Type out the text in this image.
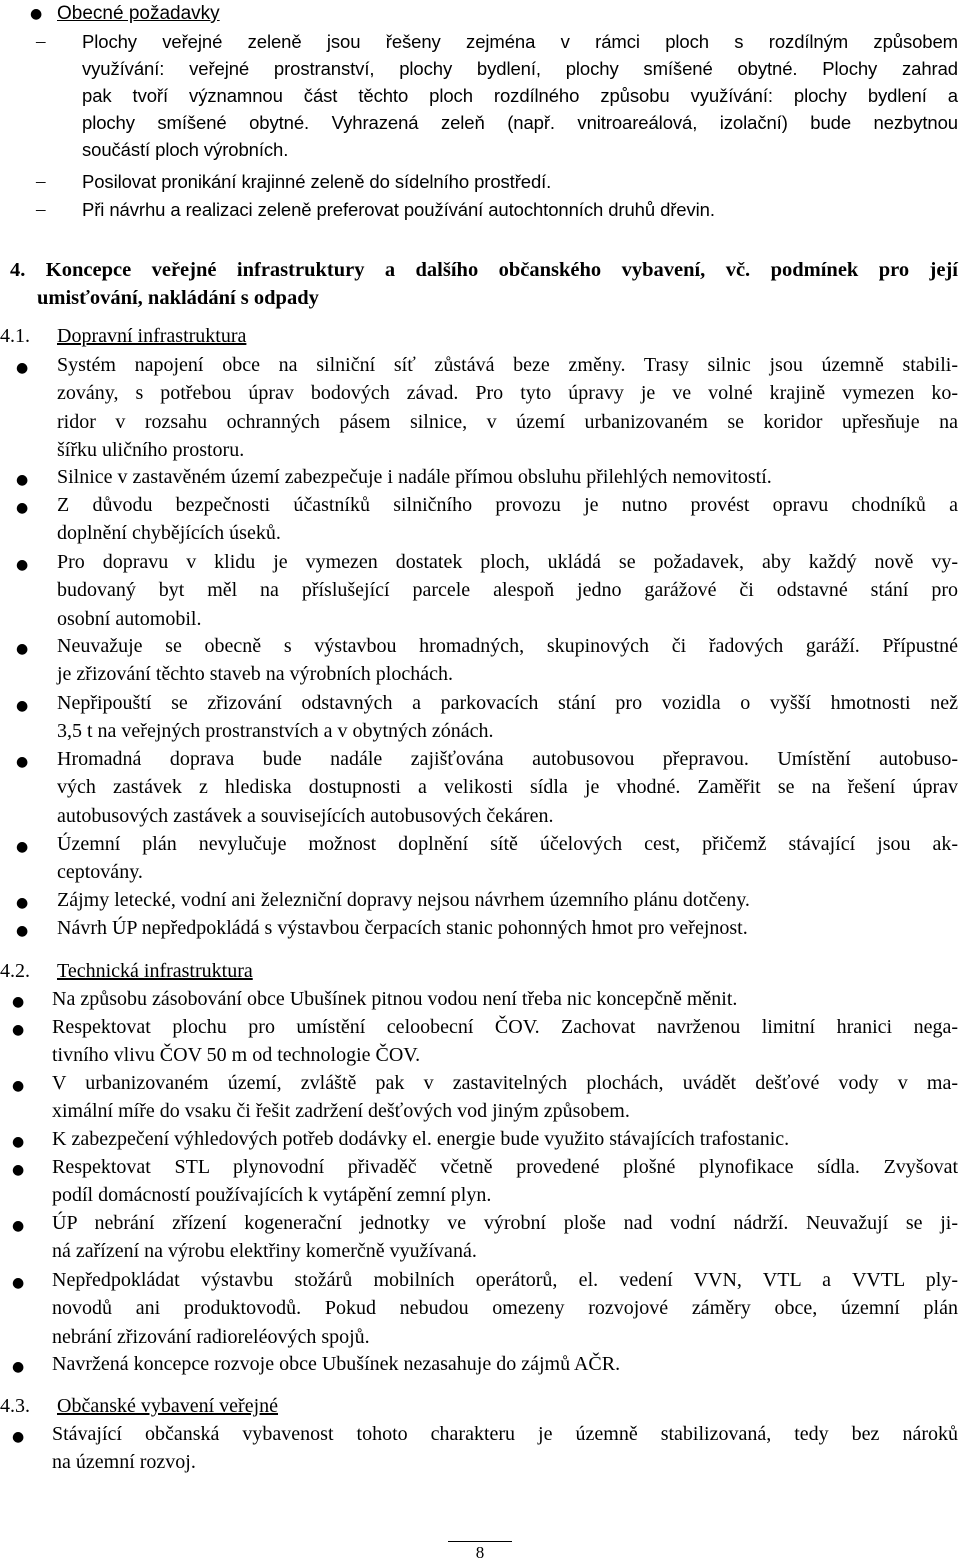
● Obecné požadavky
– Plochy veřejné zeleně jsou řešeny zejména v rámci ploch s rozdílným způsobem
využívání: veřejné prostranství, plochy bydlení, plochy smíšené obytné. Plochy zahrad
pak tvoří významnou část těchto ploch rozdílného způsobu využívání: plochy bydlení a
plochy smíšené obytné. Vyhrazená zeleň (např. vnitroareálová, izolační) bude nezbytnou
součástí ploch výrobních.
– Posilovat pronikání krajinné zeleně do sídelního prostředí.
– Při návrhu a realizaci zeleně preferovat používání autochtonních druhů dřevin.
4. Koncepce veřejné infrastruktury a dalšího občanského vybavení, vč. podmínek pro její
umisťování, nakládání s odpady
4.1. Dopravní infrastruktura
● Systém napojení obce na silniční síť zůstává beze změny. Trasy silnic jsou územně stabili-
zovány, s potřebou úprav bodových závad. Pro tyto úpravy je ve volné krajině vymezen ko-
ridor v rozsahu ochranných pásem silnice, v území urbanizovaném se koridor upřesňuje na
šířku uličního prostoru.
● Silnice v zastavěném území zabezpečuje i nadále přímou obsluhu přilehlých nemovitostí.
● Z důvodu bezpečnosti účastníků silničního provozu je nutno provést opravu chodníků a
doplnění chybějících úseků.
● Pro dopravu v klidu je vymezen dostatek ploch, ukládá se požadavek, aby každý nově vy-
budovaný byt měl na příslušející parcele alespoň jedno garážové či odstavné stání pro
osobní automobil.
● Neuvažuje se obecně s výstavbou hromadných, skupinových či řadových garáží. Přípustné
je zřizování těchto staveb na výrobních plochách.
● Nepřipouští se zřizování odstavných a parkovacích stání pro vozidla o vyšší hmotnosti než
3,5 t na veřejných prostranstvích a v obytných zónách.
● Hromadná doprava bude nadále zajišťována autobusovou přepravou. Umístění autobuso-
vých zastávek z hlediska dostupnosti a velikosti sídla je vhodné. Zaměřit se na řešení úprav
autobusových zastávek a souvisejících autobusových čekáren.
● Územní plán nevylučuje možnost doplnění sítě účelových cest, přičemž stávající jsou ak-
ceptovány.
● Zájmy letecké, vodní ani železniční dopravy nejsou návrhem územního plánu dotčeny.
● Návrh ÚP nepředpokládá s výstavbou čerpacích stanic pohonných hmot pro veřejnost.
4.2. Technická infrastruktura
● Na způsobu zásobování obce Ubušínek pitnou vodou není třeba nic koncepčně měnit.
● Respektovat plochu pro umístění celoobecní ČOV. Zachovat navrženou limitní hranici nega-
tivního vlivu ČOV 50 m od technologie ČOV.
● V urbanizovaném území, zvláště pak v zastavitelných plochách, uvádět dešťové vody v ma-
ximální míře do vsaku či řešit zadržení dešťových vod jiným způsobem.
● K zabezpečení výhledových potřeb dodávky el. energie bude využito stávajících trafostanic.
● Respektovat STL plynovodní přivaděč včetně provedené plošné plynofikace sídla. Zvyšovat
podíl domácností používajících k vytápění zemní plyn.
● ÚP nebrání zřízení kogenerační jednotky ve výrobní ploše nad vodní nádrží. Neuvažují se ji-
ná zařízení na výrobu elektřiny komerčně využívaná.
● Nepředpokládat výstavbu stožárů mobilních operátorů, el. vedení VVN, VTL a VVTL ply-
novodů ani produktovodů. Pokud nebudou omezeny rozvojové záměry obce, územní plán
nebrání zřizování radioreléových spojů.
● Navržená koncepce rozvoje obce Ubušínek nezasahuje do zájmů AČR.
4.3. Občanské vybavení veřejné
● Stávající občanská vybavenost tohoto charakteru je územně stabilizovaná, tedy bez nároků
na územní rozvoj.
8
